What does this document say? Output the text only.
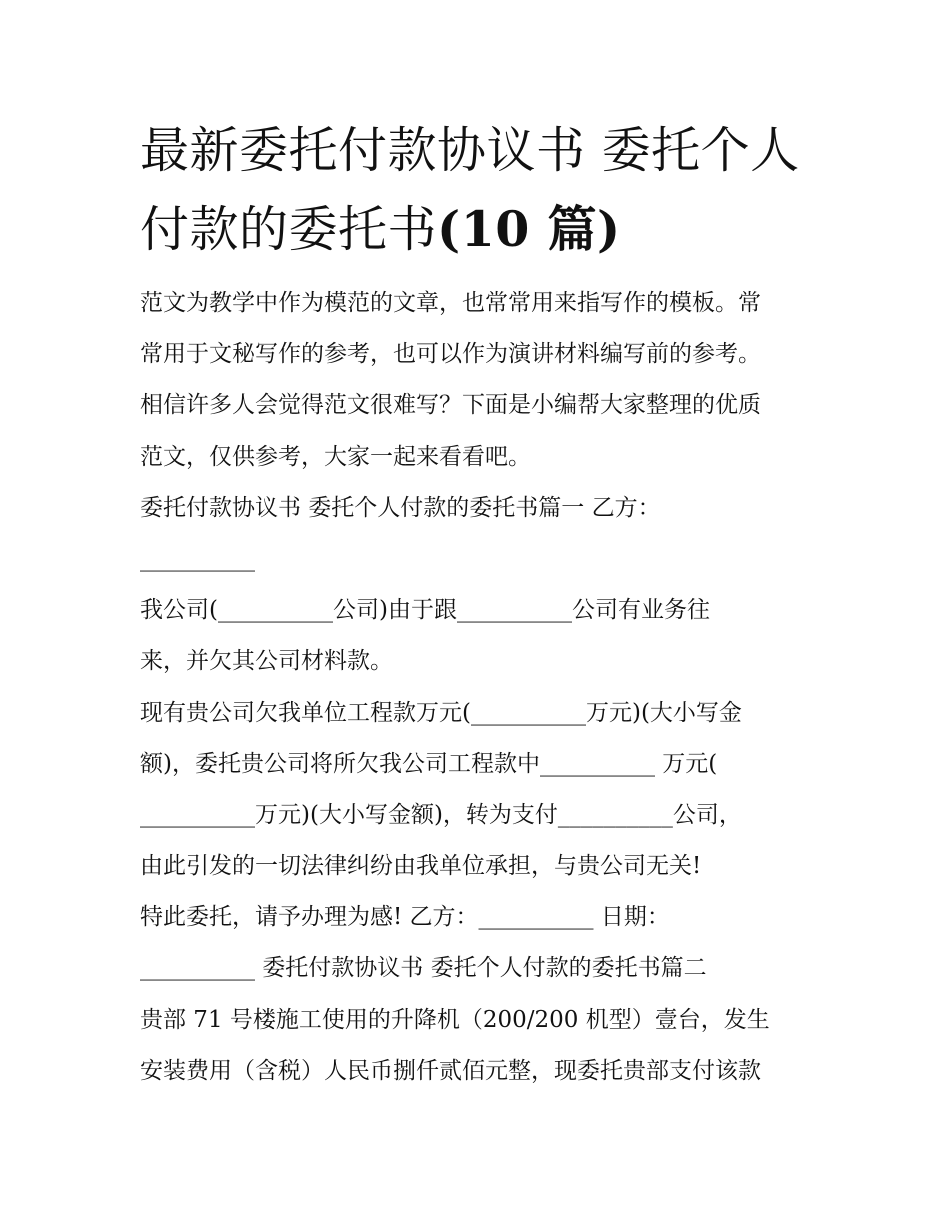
最新委托付款协议书 委托个人
付款的委托书(10 篇)
范文为教学中作为模范的文章，也常常用来指写作的模板。常
常用于文秘写作的参考，也可以作为演讲材料编写前的参考。
相信许多人会觉得范文很难写？下面是小编帮大家整理的优质
范文，仅供参考，大家一起来看看吧。
委托付款协议书 委托个人付款的委托书篇一 乙方：
__________
我公司(__________公司)由于跟__________公司有业务往
来，并欠其公司材料款。
现有贵公司欠我单位工程款万元(__________万元)(大小写金
额)，委托贵公司将所欠我公司工程款中__________ 万元(
__________万元)(大小写金额)，转为支付__________公司，
由此引发的一切法律纠纷由我单位承担，与贵公司无关!
特此委托，请予办理为感! 乙方：__________ 日期：
__________ 委托付款协议书 委托个人付款的委托书篇二
贵部 71 号楼施工使用的升降机（200/200 机型）壹台，发生
安装费用（含税）人民币捌仟贰佰元整，现委托贵部支付该款
